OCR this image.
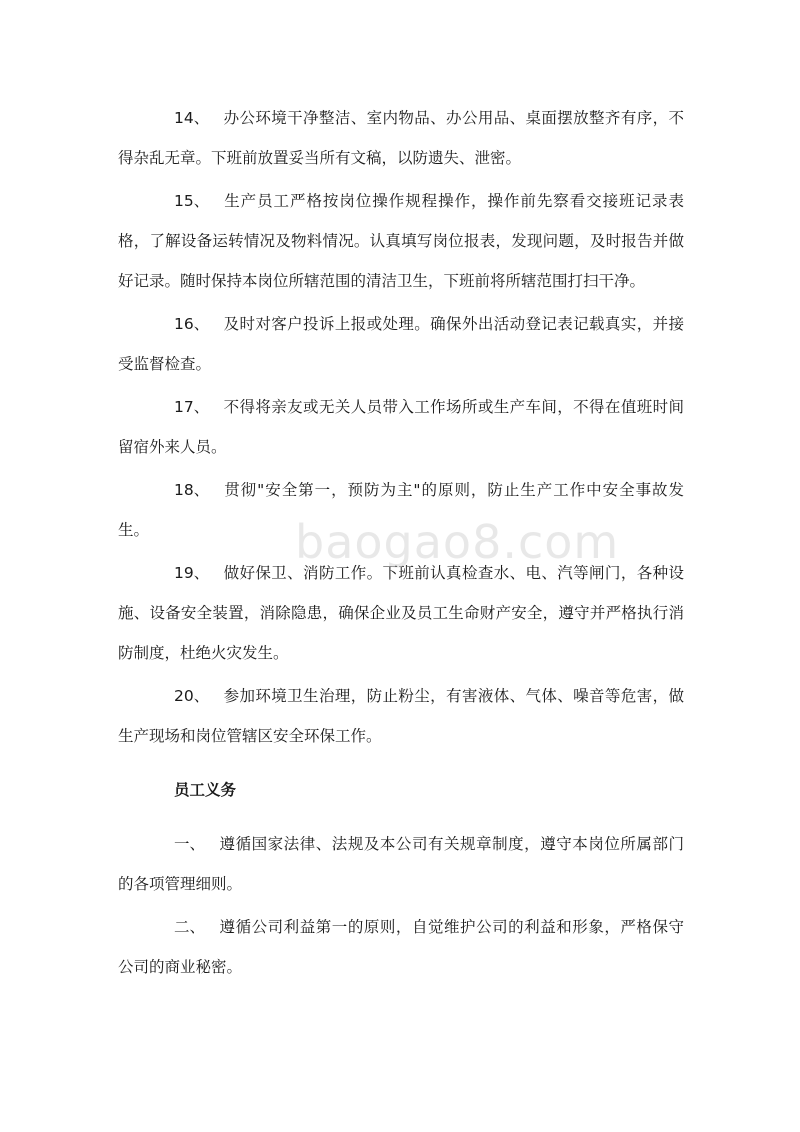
14、 办公环境干净整洁、室内物品、办公用品、桌面摆放整齐有序，不得杂乱无章。下班前放置妥当所有文稿，以防遗失、泄密。

15、 生产员工严格按岗位操作规程操作，操作前先察看交接班记录表格，了解设备运转情况及物料情况。认真填写岗位报表，发现问题，及时报告并做好记录。随时保持本岗位所辖范围的清洁卫生，下班前将所辖范围打扫干净。

16、 及时对客户投诉上报或处理。确保外出活动登记表记载真实，并接受监督检查。

17、 不得将亲友或无关人员带入工作场所或生产车间，不得在值班时间留宿外来人员。

18、 贯彻"安全第一，预防为主"的原则，防止生产工作中安全事故发生。

19、 做好保卫、消防工作。下班前认真检查水、电、汽等闸门，各种设施、设备安全装置，消除隐患，确保企业及员工生命财产安全，遵守并严格执行消防制度，杜绝火灾发生。

20、 参加环境卫生治理，防止粉尘，有害液体、气体、噪音等危害，做生产现场和岗位管辖区安全环保工作。

员工义务

一、 遵循国家法律、法规及本公司有关规章制度，遵守本岗位所属部门的各项管理细则。

二、 遵循公司利益第一的原则，自觉维护公司的利益和形象，严格保守公司的商业秘密。

baogao8.com
